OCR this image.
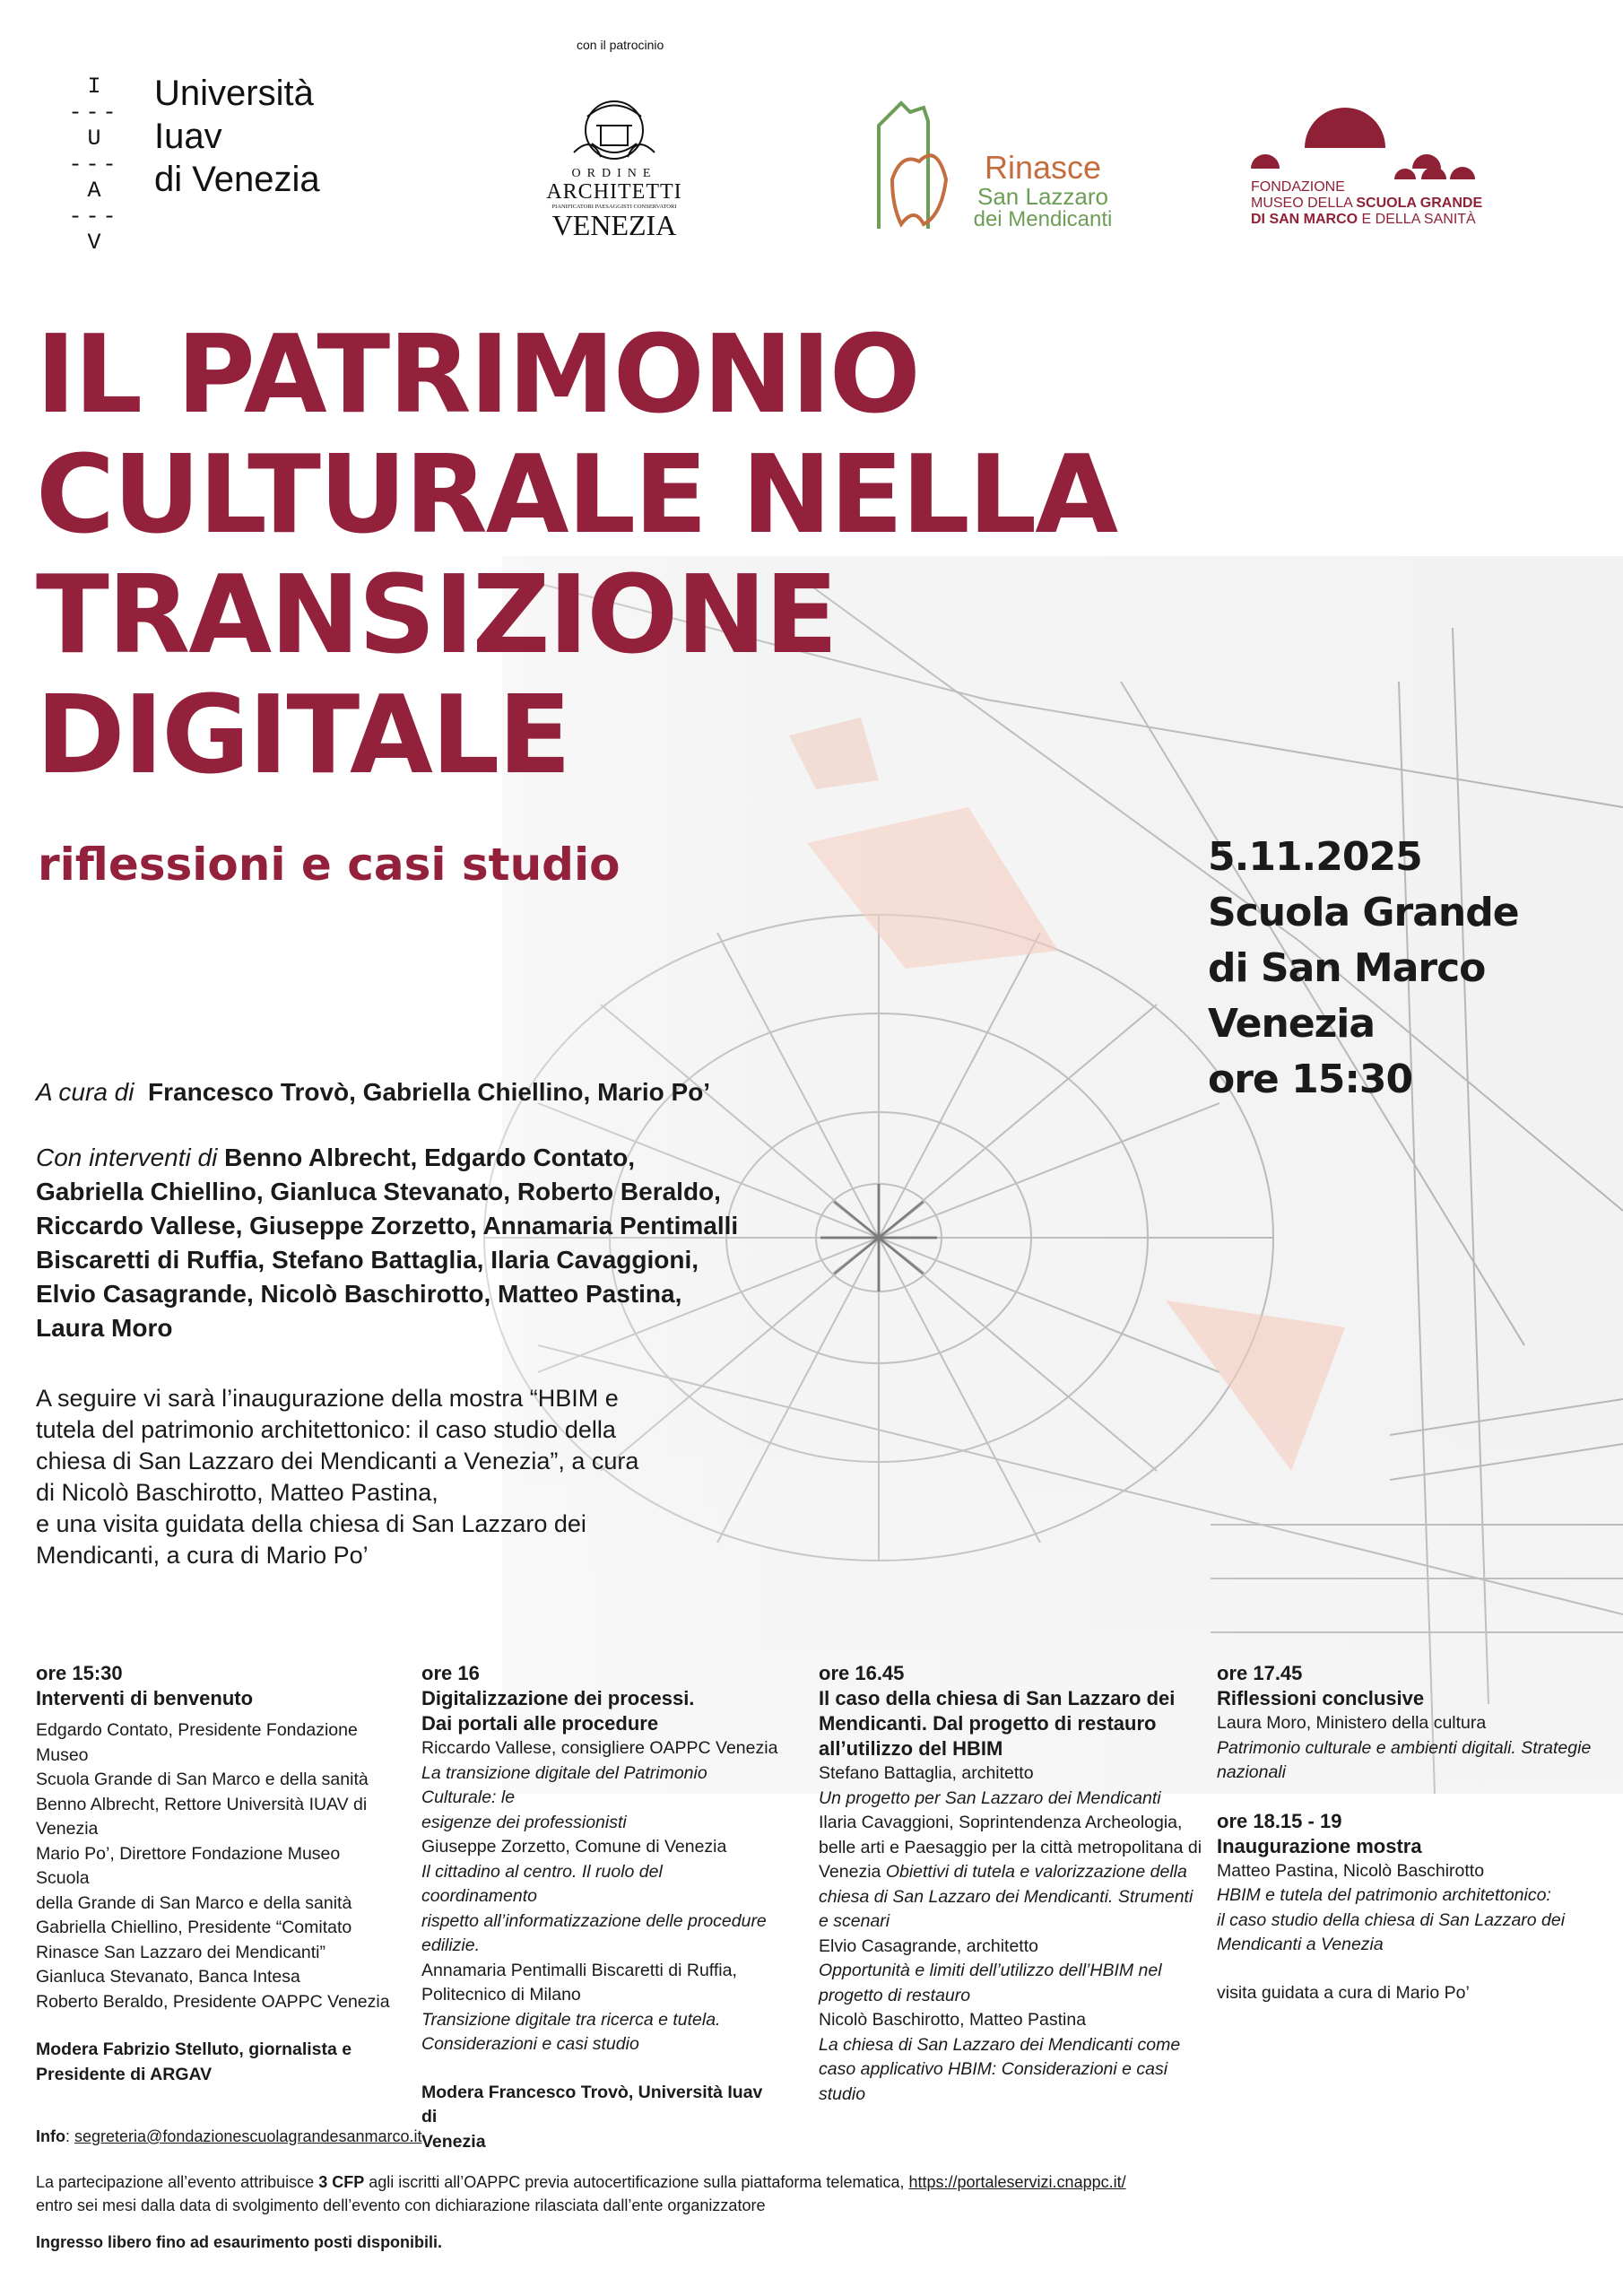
I
---
U
---
A
---
V
Università
Iuav
di Venezia
con il patrocinio
ORDINE
ARCHITETTI
PIANIFICATORI PAESAGGISTI CONSERVATORI
VENEZIA
Rinasce
San Lazzaro
dei Mendicanti
FONDAZIONE
MUSEO DELLA SCUOLA GRANDE
DI SAN MARCO E DELLA SANITÀ
IL PATRIMONIO
CULTURALE NELLA
TRANSIZIONE
DIGITALE
riflessioni e casi studio	5.11.2025
Scuola Grande
di San Marco
Venezia
ore 15:30
A cura di Francesco Trovò, Gabriella Chiellino, Mario Po’
Con interventi di Benno Albrecht, Edgardo Contato,
Gabriella Chiellino, Gianluca Stevanato, Roberto Beraldo,
Riccardo Vallese, Giuseppe Zorzetto, Annamaria Pentimalli
Biscaretti di Ruffia, Stefano Battaglia, Ilaria Cavaggioni,
Elvio Casagrande, Nicolò Baschirotto, Matteo Pastina,
Laura Moro
A seguire vi sarà l’inaugurazione della mostra “HBIM e
tutela del patrimonio architettonico: il caso studio della
chiesa di San Lazzaro dei Mendicanti a Venezia”, a cura
di Nicolò Baschirotto, Matteo Pastina,
e una visita guidata della chiesa di San Lazzaro dei
Mendicanti, a cura di Mario Po’
ore 15:30
Interventi di benvenuto
Edgardo Contato, Presidente Fondazione Museo
Scuola Grande di San Marco e della sanità
Benno Albrecht, Rettore Università IUAV di
Venezia
Mario Po’, Direttore Fondazione Museo Scuola
della Grande di San Marco e della sanità
Gabriella Chiellino, Presidente “Comitato
Rinasce San Lazzaro dei Mendicanti”
Gianluca Stevanato, Banca Intesa
Roberto Beraldo, Presidente OAPPC Venezia
Modera Fabrizio Stelluto, giornalista e
Presidente di ARGAV
ore 16
Digitalizzazione dei processi.
Dai portali alle procedure
Riccardo Vallese, consigliere OAPPC Venezia
La transizione digitale del Patrimonio Culturale: le
esigenze dei professionisti
Giuseppe Zorzetto, Comune di Venezia
Il cittadino al centro. Il ruolo del coordinamento
rispetto all’informatizzazione delle procedure
edilizie.
Annamaria Pentimalli Biscaretti di Ruffia,
Politecnico di Milano
Transizione digitale tra ricerca e tutela.
Considerazioni e casi studio
Modera Francesco Trovò, Università Iuav di
Venezia
ore 16.45
Il caso della chiesa di San Lazzaro dei
Mendicanti. Dal progetto di restauro
all’utilizzo del HBIM
Stefano Battaglia, architetto
Un progetto per San Lazzaro dei Mendicanti
Ilaria Cavaggioni, Soprintendenza Archeologia,
belle arti e Paesaggio per la città metropolitana di
Venezia Obiettivi di tutela e valorizzazione della
chiesa di San Lazzaro dei Mendicanti. Strumenti
e scenari
Elvio Casagrande, architetto
Opportunità e limiti dell’utilizzo dell’HBIM nel
progetto di restauro
Nicolò Baschirotto, Matteo Pastina
La chiesa di San Lazzaro dei Mendicanti come
caso applicativo HBIM: Considerazioni e casi
studio
ore 17.45
Riflessioni conclusive
Laura Moro, Ministero della cultura
Patrimonio culturale e ambienti digitali. Strategie
nazionali
ore 18.15 - 19
Inaugurazione mostra
Matteo Pastina, Nicolò Baschirotto
HBIM e tutela del patrimonio architettonico:
il caso studio della chiesa di San Lazzaro dei
Mendicanti a Venezia
visita guidata a cura di Mario Po’
Info: segreteria@fondazionescuolagrandesanmarco.it
La partecipazione all’evento attribuisce 3 CFP agli iscritti all’OAPPC previa autocertificazione sulla piattaforma telematica, https://portaleservizi.cnappc.it/
entro sei mesi dalla data di svolgimento dell’evento con dichiarazione rilasciata dall’ente organizzatore
Ingresso libero fino ad esaurimento posti disponibili.
